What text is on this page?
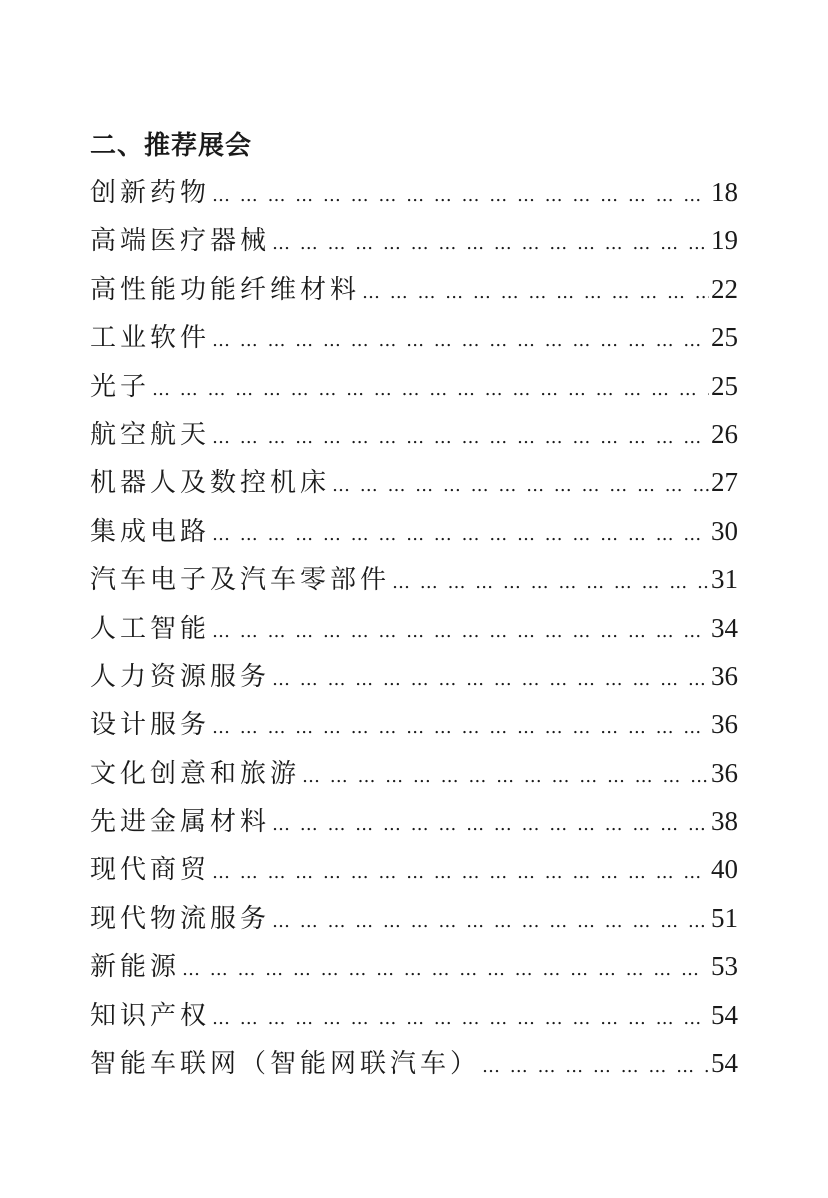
二、推荐展会
创新药物 … … … … … … … … … … … … … … … … … … … … … … … … … … … … … … … … … … … … … … … … … …	18
高端医疗器械 … … … … … … … … … … … … … … … … … … … … … … … … … … … … … … … … … … … … … … … … … …	19
高性能功能纤维材料 … … … … … … … … … … … … … … … … … … … … … … … … … … … … … … … … … … … … … … … … … …	22
工业软件 … … … … … … … … … … … … … … … … … … … … … … … … … … … … … … … … … … … … … … … … … …	25
光子 … … … … … … … … … … … … … … … … … … … … … … … … … … … … … … … … … … … … … … … … … …	25
航空航天 … … … … … … … … … … … … … … … … … … … … … … … … … … … … … … … … … … … … … … … … … …	26
机器人及数控机床 … … … … … … … … … … … … … … … … … … … … … … … … … … … … … … … … … … … … … … … … … …	27
集成电路 … … … … … … … … … … … … … … … … … … … … … … … … … … … … … … … … … … … … … … … … … …	30
汽车电子及汽车零部件 … … … … … … … … … … … … … … … … … … … … … … … … … … … … … … … … … … … … … … … … … …	31
人工智能 … … … … … … … … … … … … … … … … … … … … … … … … … … … … … … … … … … … … … … … … … …	34
人力资源服务 … … … … … … … … … … … … … … … … … … … … … … … … … … … … … … … … … … … … … … … … … …	36
设计服务 … … … … … … … … … … … … … … … … … … … … … … … … … … … … … … … … … … … … … … … … … …	36
文化创意和旅游 … … … … … … … … … … … … … … … … … … … … … … … … … … … … … … … … … … … … … … … … … …	36
先进金属材料 … … … … … … … … … … … … … … … … … … … … … … … … … … … … … … … … … … … … … … … … … …	38
现代商贸 … … … … … … … … … … … … … … … … … … … … … … … … … … … … … … … … … … … … … … … … … …	40
现代物流服务 … … … … … … … … … … … … … … … … … … … … … … … … … … … … … … … … … … … … … … … … … …	51
新能源 … … … … … … … … … … … … … … … … … … … … … … … … … … … … … … … … … … … … … … … … … …	53
知识产权 … … … … … … … … … … … … … … … … … … … … … … … … … … … … … … … … … … … … … … … … … …	54
智能车联网（智能网联汽车） … … … … … … … … … … … … … … … … … … … … … … … … … … … … … … … … … … … … … … … … … …	54
